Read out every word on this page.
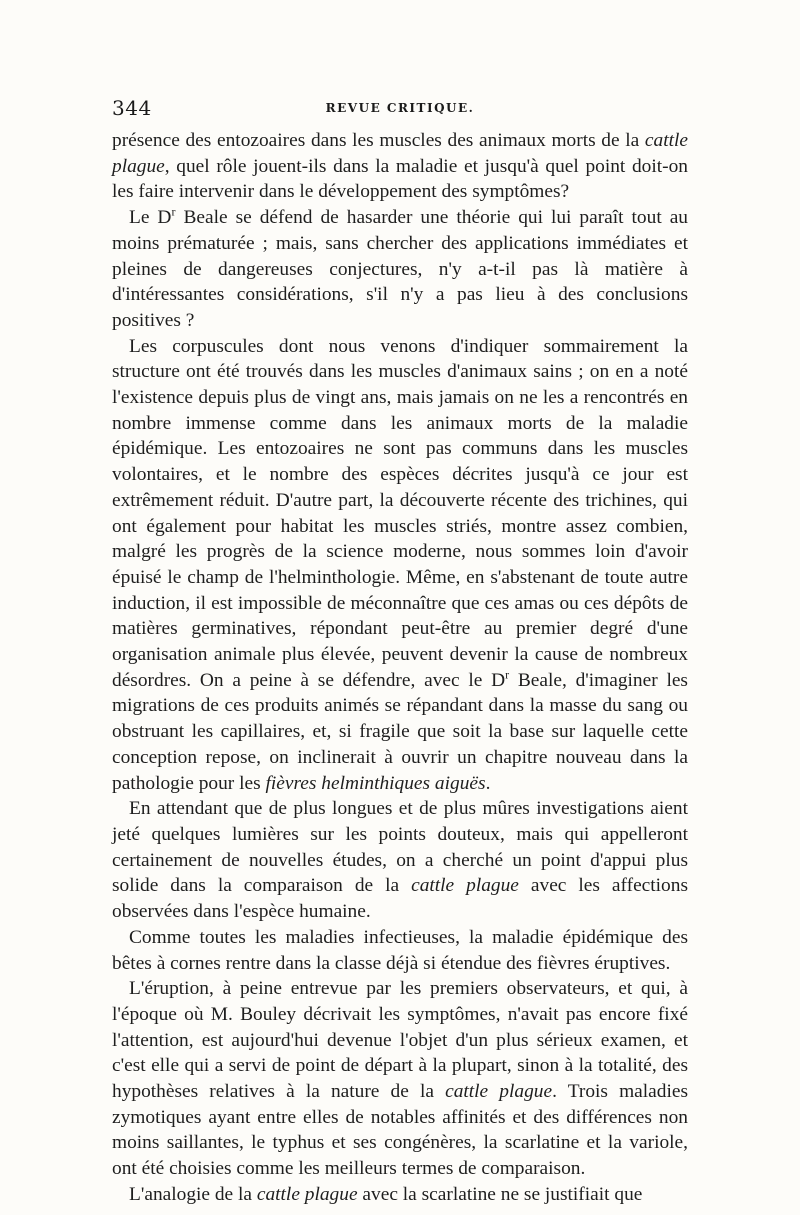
344	REVUE CRITIQUE.

présence des entozoaires dans les muscles des animaux morts de la cattle plague, quel rôle jouent-ils dans la maladie et jusqu'à quel point doit-on les faire intervenir dans le développement des symptômes?

Le $D^r$ Beale se défend de hasarder une théorie qui lui paraît tout au moins prématurée ; mais, sans chercher des applications immédiates et pleines de dangereuses conjectures, n'y a-t-il pas là matière à d'intéressantes considérations, s'il n'y a pas lieu à des conclusions positives ?

Les corpuscules dont nous venons d'indiquer sommairement la structure ont été trouvés dans les muscles d'animaux sains ; on en a noté l'existence depuis plus de vingt ans, mais jamais on ne les a rencontrés en nombre immense comme dans les animaux morts de la maladie épidémique. Les entozoaires ne sont pas communs dans les muscles volontaires, et le nombre des espèces décrites jusqu'à ce jour est extrêmement réduit. D'autre part, la découverte récente des trichines, qui ont également pour habitat les muscles striés, montre assez combien, malgré les progrès de la science moderne, nous sommes loin d'avoir épuisé le champ de l'helminthologie. Même, en s'abstenant de toute autre induction, il est impossible de méconnaître que ces amas ou ces dépôts de matières germinatives, répondant peut-être au premier degré d'une organisation animale plus élevée, peuvent devenir la cause de nombreux désordres. On a peine à se défendre, avec le $D^r$ Beale, d'imaginer les migrations de ces produits animés se répandant dans la masse du sang ou obstruant les capillaires, et, si fragile que soit la base sur laquelle cette conception repose, on inclinerait à ouvrir un chapitre nouveau dans la pathologie pour les fièvres helminthiques aiguës.

En attendant que de plus longues et de plus mûres investigations aient jeté quelques lumières sur les points douteux, mais qui appelleront certainement de nouvelles études, on a cherché un point d'appui plus solide dans la comparaison de la cattle plague avec les affections observées dans l'espèce humaine.

Comme toutes les maladies infectieuses, la maladie épidémique des bêtes à cornes rentre dans la classe déjà si étendue des fièvres éruptives.

L'éruption, à peine entrevue par les premiers observateurs, et qui, à l'époque où M. Bouley décrivait les symptômes, n'avait pas encore fixé l'attention, est aujourd'hui devenue l'objet d'un plus sérieux examen, et c'est elle qui a servi de point de départ à la plupart, sinon à la totalité, des hypothèses relatives à la nature de la cattle plague. Trois maladies zymotiques ayant entre elles de notables affinités et des différences non moins saillantes, le typhus et ses congénères, la scarlatine et la variole, ont été choisies comme les meilleurs termes de comparaison.

L'analogie de la cattle plague avec la scarlatine ne se justifiait que
